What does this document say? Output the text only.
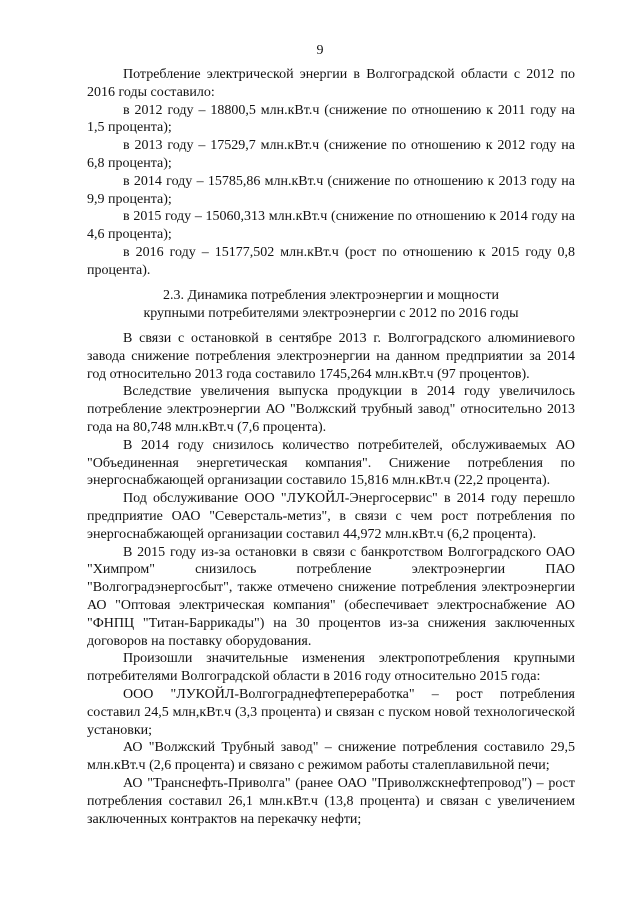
9

Потребление электрической энергии в Волгоградской области с 2012 по 2016 годы составило:

в 2012 году – 18800,5 млн.кВт.ч (снижение по отношению к 2011 году на 1,5 процента);

в 2013 году – 17529,7 млн.кВт.ч (снижение по отношению к 2012 году на 6,8 процента);

в 2014 году – 15785,86 млн.кВт.ч (снижение по отношению к 2013 году на 9,9 процента);

в 2015 году – 15060,313 млн.кВт.ч (снижение по отношению к 2014 году на 4,6 процента);

в 2016 году – 15177,502 млн.кВт.ч (рост по отношению к 2015 году 0,8 процента).

2.3. Динамика потребления электроэнергии и мощности

крупными потребителями электроэнергии с 2012 по 2016 годы

В связи с остановкой в сентябре 2013 г. Волгоградского алюминиевого завода снижение потребления электроэнергии на данном предприятии за 2014 год относительно 2013 года составило 1745,264 млн.кВт.ч (97 процентов).

Вследствие увеличения выпуска продукции в 2014 году увеличилось потребление электроэнергии АО "Волжский трубный завод" относительно 2013 года на 80,748 млн.кВт.ч (7,6 процента).

В 2014 году снизилось количество потребителей, обслуживаемых АО "Объединенная энергетическая компания". Снижение потребления по энергоснабжающей организации составило 15,816 млн.кВт.ч (22,2 процента).

Под обслуживание ООО "ЛУКОЙЛ-Энергосервис" в 2014 году перешло предприятие ОАО "Северсталь-метиз", в связи с чем рост потребления по энергоснабжающей организации составил 44,972 млн.кВт.ч (6,2 процента).

В 2015 году из-за остановки в связи с банкротством Волгоградского ОАО "Химпром" снизилось потребление электроэнергии ПАО "Волгоградэнергосбыт", также отмечено снижение потребления электроэнергии АО "Оптовая электрическая компания" (обеспечивает электроснабжение АО "ФНПЦ "Титан-Баррикады") на 30 процентов из-за снижения заключенных договоров на поставку оборудования.

Произошли значительные изменения электропотребления крупными потребителями Волгоградской области в 2016 году относительно 2015 года:

ООО "ЛУКОЙЛ-Волгограднефтепереработка" – рост потребления составил 24,5 млн,кВт.ч (3,3 процента) и связан с пуском новой технологической установки;

АО "Волжский Трубный завод" – снижение потребления составило 29,5 млн.кВт.ч (2,6 процента) и связано с режимом работы сталеплавильной печи;

АО "Транснефть-Приволга" (ранее ОАО "Приволжскнефтепровод") – рост потребления составил 26,1 млн.кВт.ч (13,8 процента) и связан с увеличением заключенных контрактов на перекачку нефти;
